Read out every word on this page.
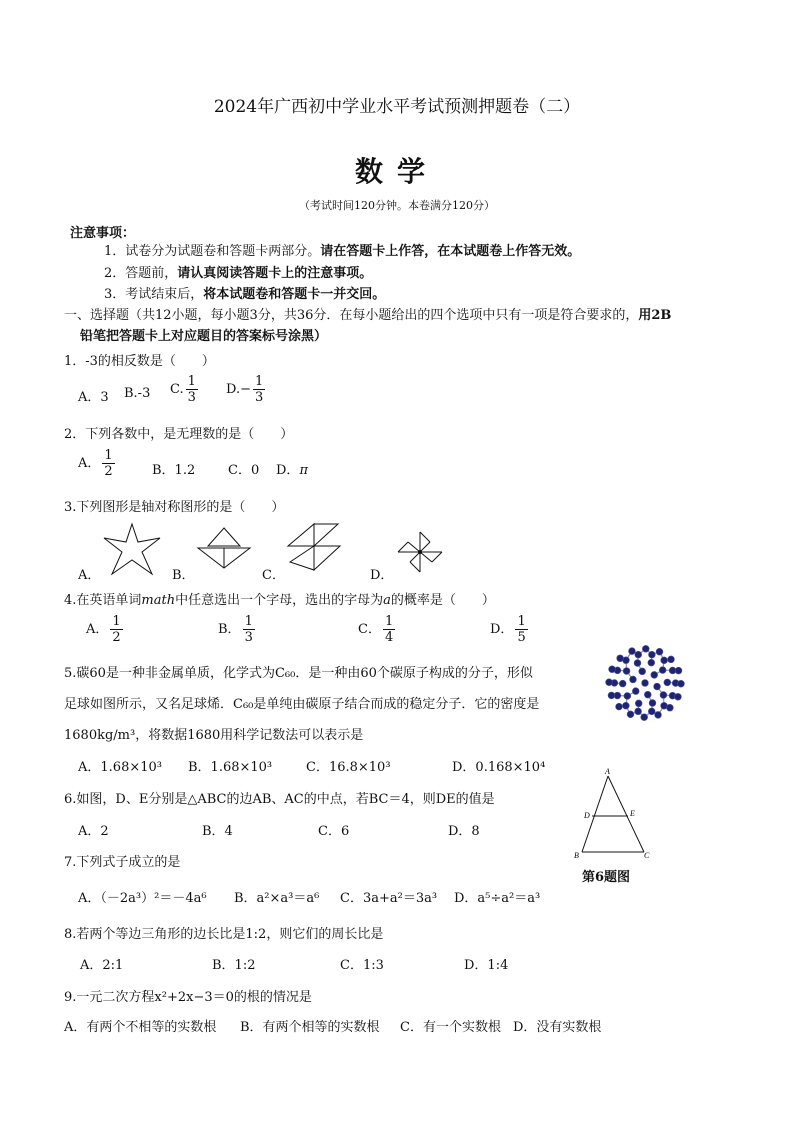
2024年广西初中学业水平考试预测押题卷（二）
数学
（考试时间120分钟。本卷满分120分）
注意事项：
1．试卷分为试题卷和答题卡两部分。请在答题卡上作答，在本试题卷上作答无效。
2．答题前，请认真阅读答题卡上的注意事项。
3．考试结束后，将本试题卷和答题卡一并交回。
一、选择题（共12小题，每小题3分，共36分．在每小题给出的四个选项中只有一项是符合要求的，用2B
铅笔把答题卡上对应题目的答案标号涂黑）
1．-3的相反数是（　　）
A．3 B.-3 C. $\frac{1}{3} D.- \frac{1}{3}$
2．下列各数中，是无理数的是（　　）
A． $\frac{1}{2}$	B．1.2	C．0 D．π
3.下列图形是轴对称图形的是（　　）
A．	B．	C．	D．
4.在英语单词math中任意选出一个字母，选出的字母为a的概率是（　　）
A． $\frac{1}{2}$	B． $\frac{1}{3}$	C． $\frac{1}{4}$	D． $\frac{1}{5}$
5.碳60是一种非金属单质，化学式为C₆₀．是一种由60个碳原子构成的分子，形似
足球如图所示，又名足球烯．C₆₀是单纯由碳原子结合而成的稳定分子．它的密度是
1680kg/m³，将数据1680用科学记数法可以表示是
A．1.68×10³ B．1.68×10³	C．16.8×10³	D．0.168×10⁴
6.如图，D、E分别是△ABC的边AB、AC的中点，若BC＝4，则DE的值是
A．2	B．4	C．6	D．8
A
D	E
B	C
第6题图
7.下列式子成立的是
A．（－2a³）²＝－4a⁶ B．a²×a³＝a⁶ C．3a+a²＝3a³ D．a⁵÷a²＝a³
8.若两个等边三角形的边长比是1:2，则它们的周长比是
A．2:1	B．1:2	C．1:3	D．1:4
9.一元二次方程x²+2x−3＝0的根的情况是
A．有两个不相等的实数根 B．有两个相等的实数根 C．有一个实数根 D．没有实数根
